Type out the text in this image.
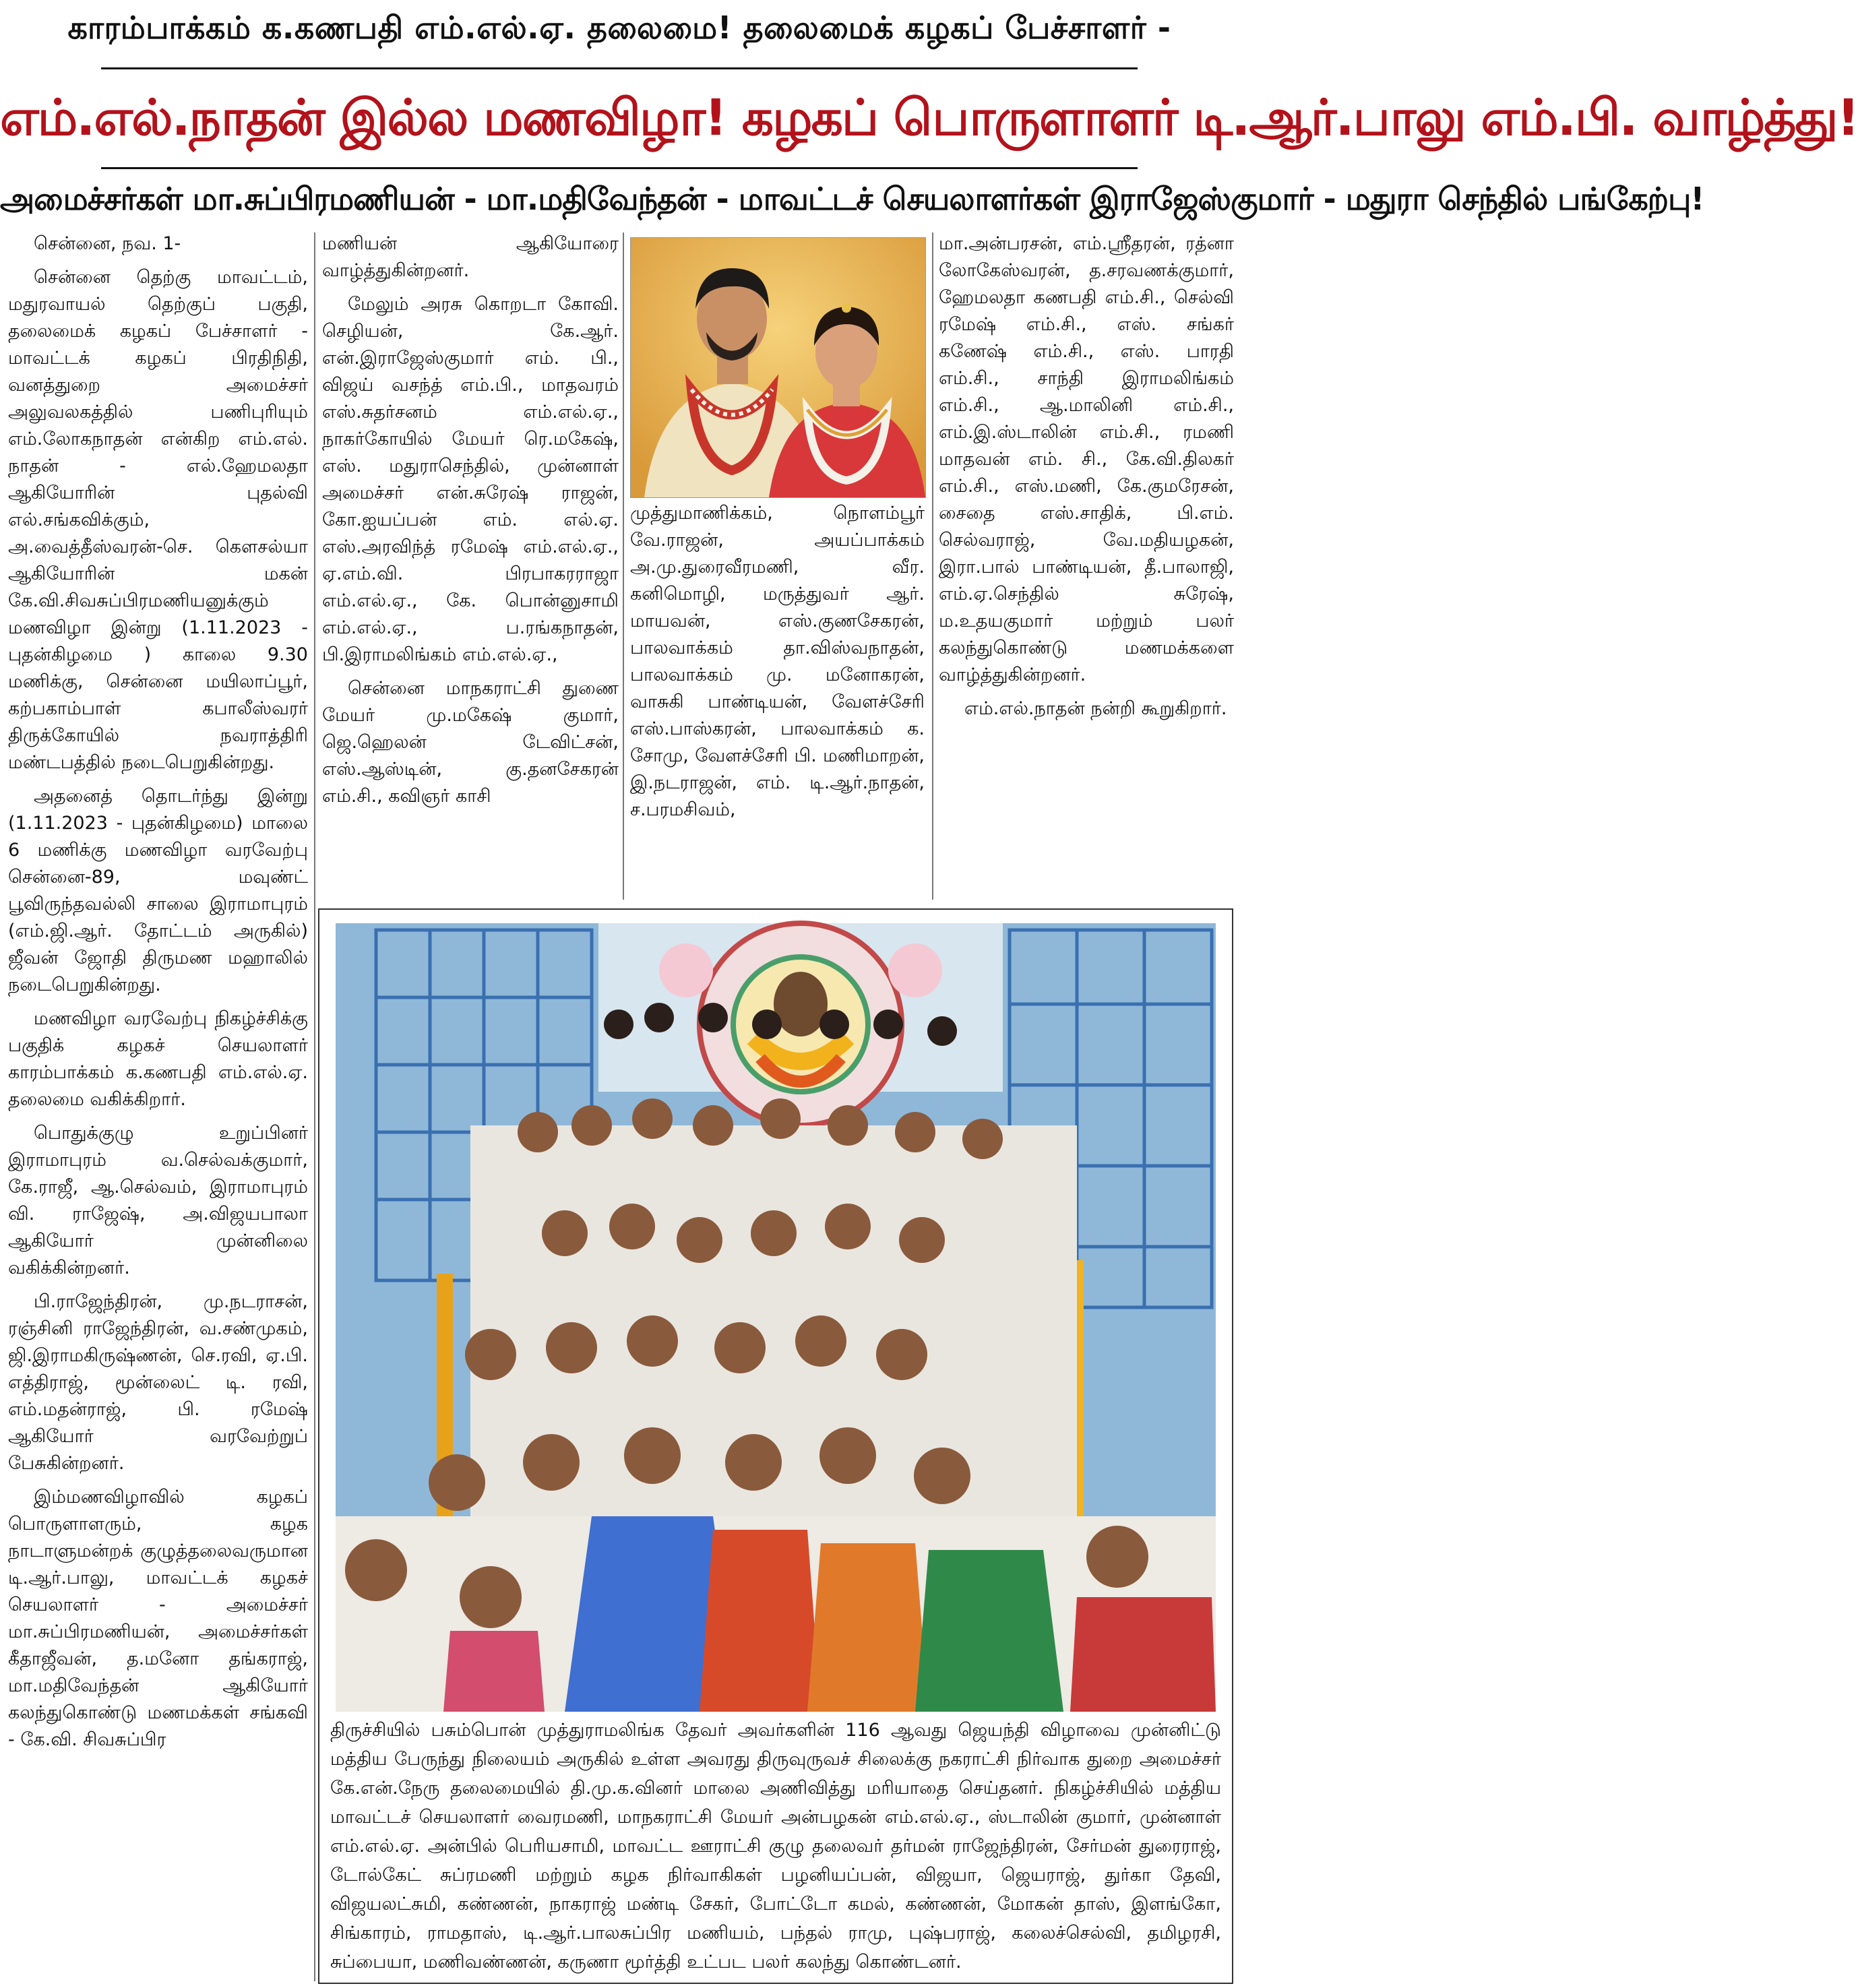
காரம்பாக்கம் க.கணபதி எம்.எல்.ஏ. தலைமை! தலைமைக் கழகப் பேச்சாளர் -
எம்.எல்.நாதன் இல்ல மணவிழா! கழகப் பொருளாளர் டி.ஆர்.பாலு எம்.பி. வாழ்த்து!
அமைச்சர்கள் மா.சுப்பிரமணியன் - மா.மதிவேந்தன் - மாவட்டச் செயலாளர்கள் இராஜேஸ்குமார் - மதுரா செந்தில் பங்கேற்பு!

சென்னை, நவ. 1-

சென்னை தெற்கு மாவட்டம், மதுரவாயல் தெற்குப் பகுதி, தலைமைக் கழகப் பேச்சாளர் - மாவட்டக் கழகப் பிரதிநிதி, வனத்துறை அமைச்சர் அலுவலகத்தில் பணிபுரியும் எம்.லோகநாதன் என்கிற எம்.எல். நாதன் - எல்.ஹேமலதா ஆகியோரின் புதல்வி எல்.சங்கவிக்கும், அ.வைத்தீஸ்வரன்-செ. கௌசல்யா ஆகியோரின் மகன் கே.வி.சிவசுப்பிரமணியனுக்கும் மணவிழா இன்று (1.11.2023 - புதன்கிழமை ) காலை 9.30 மணிக்கு, சென்னை மயிலாப்பூர், கற்பகாம்பாள் கபாலீஸ்வரர் திருக்கோயில் நவராத்திரி மண்டபத்தில் நடைபெறுகின்றது.

அதனைத் தொடர்ந்து இன்று (1.11.2023 - புதன்கிழமை) மாலை 6 மணிக்கு மணவிழா வரவேற்பு சென்னை-89, மவுண்ட் பூவிருந்தவல்லி சாலை இராமாபுரம் (எம்.ஜி.ஆர். தோட்டம் அருகில்) ஜீவன் ஜோதி திருமண மஹாலில் நடைபெறுகின்றது.

மணவிழா வரவேற்பு நிகழ்ச்சிக்கு பகுதிக் கழகச் செயலாளர் காரம்பாக்கம் க.கணபதி எம்.எல்.ஏ. தலைமை வகிக்கிறார்.

பொதுக்குழு உறுப்பினர் இராமாபுரம் வ.செல்வக்குமார், கே.ராஜீ, ஆ.செல்வம், இராமாபுரம் வி. ராஜேஷ், அ.விஜயபாலா ஆகியோர் முன்னிலை வகிக்கின்றனர்.

பி.ராஜேந்திரன், மு.நடராசன், ரஞ்சினி ராஜேந்திரன், வ.சண்முகம், ஜி.இராமகிருஷ்ணன், செ.ரவி, ஏ.பி. எத்திராஜ், மூன்லைட் டி. ரவி, எம்.மதன்ராஜ், பி. ரமேஷ் ஆகியோர் வரவேற்றுப் பேசுகின்றனர்.

இம்மணவிழாவில் கழகப் பொருளாளரும், கழக நாடாளுமன்றக் குழுத்தலைவருமான டி.ஆர்.பாலு, மாவட்டக் கழகச் செயலாளர் - அமைச்சர் மா.சுப்பிரமணியன், அமைச்சர்கள் கீதாஜீவன், த.மனோ தங்கராஜ், மா.மதிவேந்தன் ஆகியோர் கலந்துகொண்டு மணமக்கள் சங்கவி - கே.வி. சிவசுப்பிர

மணியன் ஆகியோரை வாழ்த்துகின்றனர்.

மேலும் அரசு கொறடா கோவி. செழியன், கே.ஆர். என்.இராஜேஸ்குமார் எம். பி., விஜய் வசந்த் எம்.பி., மாதவரம் எஸ்.சுதர்சனம் எம்.எல்.ஏ., நாகர்கோயில் மேயர் ரெ.மகேஷ், எஸ். மதுராசெந்தில், முன்னாள் அமைச்சர் என்.சுரேஷ் ராஜன், கோ.ஐயப்பன் எம். எல்.ஏ. எஸ்.அரவிந்த் ரமேஷ் எம்.எல்.ஏ., ஏ.எம்.வி. பிரபாகரராஜா எம்.எல்.ஏ., கே. பொன்னுசாமி எம்.எல்.ஏ., ப.ரங்கநாதன், பி.இராமலிங்கம் எம்.எல்.ஏ.,

சென்னை மாநகராட்சி துணை மேயர் மு.மகேஷ் குமார், ஜெ.ஹெலன் டேவிட்சன், எஸ்.ஆஸ்டின், கு.தனசேகரன் எம்.சி., கவிஞர் காசி

முத்துமாணிக்கம், நொளம்பூர் வே.ராஜன், அயப்பாக்கம் அ.மு.துரைவீரமணி, வீர. கனிமொழி, மருத்துவர் ஆர். மாயவன், எஸ்.குணசேகரன், பாலவாக்கம் தா.விஸ்வநாதன், பாலவாக்கம் மு. மனோகரன், வாசுகி பாண்டியன், வேளச்சேரி எஸ்.பாஸ்கரன், பாலவாக்கம் க. சோமு, வேளச்சேரி பி. மணிமாறன், இ.நடராஜன், எம். டி.ஆர்.நாதன், ச.பரமசிவம்,

மா.அன்பரசன், எம்.ஸ்ரீதரன், ரத்னா லோகேஸ்வரன், த.சரவணக்குமார், ஹேமலதா கணபதி எம்.சி., செல்வி ரமேஷ் எம்.சி., எஸ். சங்கர் கணேஷ் எம்.சி., எஸ். பாரதி எம்.சி., சாந்தி இராமலிங்கம் எம்.சி., ஆ.மாலினி எம்.சி., எம்.இ.ஸ்டாலின் எம்.சி., ரமணி மாதவன் எம். சி., கே.வி.திலகர் எம்.சி., எஸ்.மணி, கே.குமரேசன், சைதை எஸ்.சாதிக், பி.எம். செல்வராஜ், வே.மதியழகன், இரா.பால் பாண்டியன், தீ.பாலாஜி, எம்.ஏ.செந்தில் சுரேஷ், ம.உதயகுமார் மற்றும் பலர் கலந்துகொண்டு மணமக்களை வாழ்த்துகின்றனர்.

எம்.எல்.நாதன் நன்றி கூறுகிறார்.

திருச்சியில் பசும்பொன் முத்துராமலிங்க தேவர் அவர்களின் 116 ஆவது ஜெயந்தி விழாவை முன்னிட்டு மத்திய பேருந்து நிலையம் அருகில் உள்ள அவரது திருவுருவச் சிலைக்கு நகராட்சி நிர்வாக துறை அமைச்சர் கே.என்.நேரு தலைமையில் தி.மு.க.வினர் மாலை அணிவித்து மரியாதை செய்தனர். நிகழ்ச்சியில் மத்திய மாவட்டச் செயலாளர் வைரமணி, மாநகராட்சி மேயர் அன்பழகன் எம்.எல்.ஏ., ஸ்டாலின் குமார், முன்னாள் எம்.எல்.ஏ. அன்பில் பெரியசாமி, மாவட்ட ஊராட்சி குழு தலைவர் தர்மன் ராஜேந்திரன், சேர்மன் துரைராஜ், டோல்கேட் சுப்ரமணி மற்றும் கழக நிர்வாகிகள் பழனியப்பன், விஜயா, ஜெயராஜ், துர்கா தேவி, விஜயலட்சுமி, கண்ணன், நாகராஜ் மண்டி சேகர், போட்டோ கமல், கண்ணன், மோகன் தாஸ், இளங்கோ, சிங்காரம், ராமதாஸ், டி.ஆர்.பாலசுப்பிர மணியம், பந்தல் ராமு, புஷ்பராஜ், கலைச்செல்வி, தமிழரசி, சுப்பையா, மணிவண்ணன், கருணா மூர்த்தி உட்பட பலர் கலந்து கொண்டனர்.
